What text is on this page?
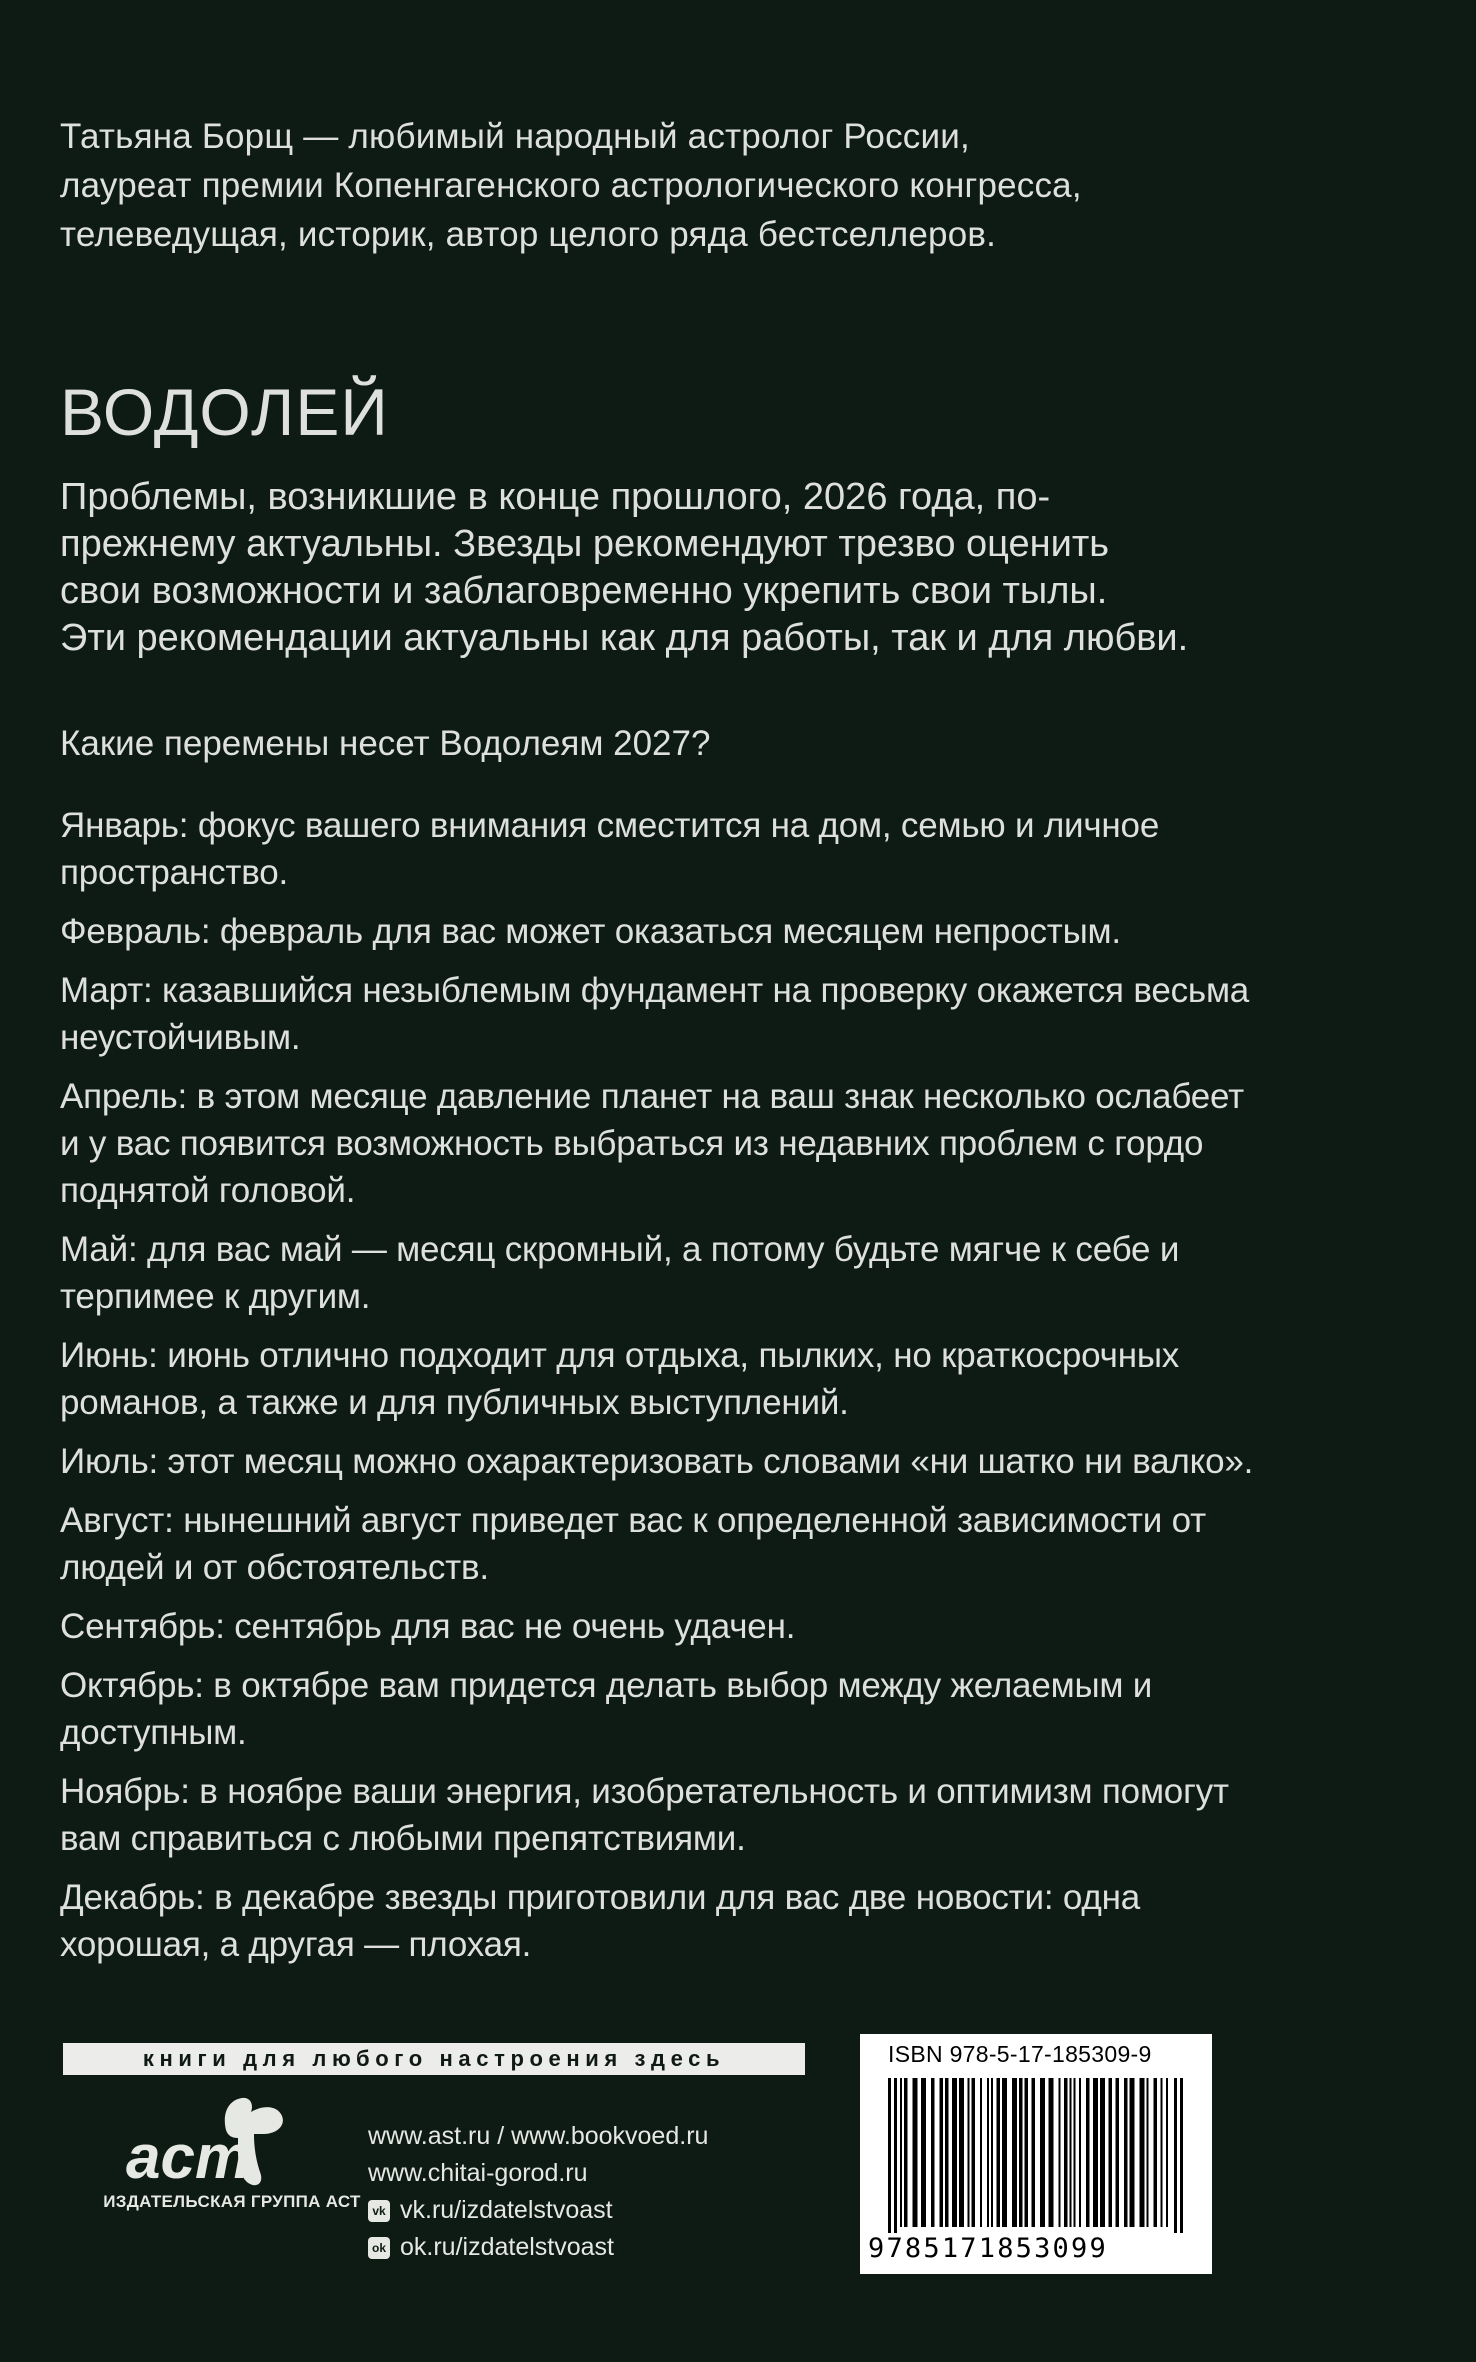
Татьяна Борщ — любимый народный астролог России,

лауреат премии Копенгагенского астрологического конгресса,

телеведущая, историк, автор целого ряда бестселлеров.

ВОДОЛЕЙ

Проблемы, возникшие в конце прошлого, 2026 года, по-

прежнему актуальны. Звезды рекомендуют трезво оценить

свои возможности и заблаговременно укрепить свои тылы.

Эти рекомендации актуальны как для работы, так и для любви.

Какие перемены несет Водолеям 2027?

Январь: фокус вашего внимания сместится на дом, семью и личное

пространство.

Февраль: февраль для вас может оказаться месяцем непростым.

Март: казавшийся незыблемым фундамент на проверку окажется весьма

неустойчивым.

Апрель: в этом месяце давление планет на ваш знак несколько ослабеет

и у вас появится возможность выбраться из недавних проблем с гордо

поднятой головой.

Май: для вас май — месяц скромный, а потому будьте мягче к себе и

терпимее к другим.

Июнь: июнь отлично подходит для отдыха, пылких, но краткосрочных

романов, а также и для публичных выступлений.

Июль: этот месяц можно охарактеризовать словами «ни шатко ни валко».

Август: нынешний август приведет вас к определенной зависимости от

людей и от обстоятельств.

Сентябрь: сентябрь для вас не очень удачен.

Октябрь: в октябре вам придется делать выбор между желаемым и

доступным.

Ноябрь: в ноябре ваши энергия, изобретательность и оптимизм помогут

вам справиться с любыми препятствиями.

Декабрь: в декабре звезды приготовили для вас две новости: одна

хорошая, а другая — плохая.

книги для любого настроения здесь
аст
ИЗДАТЕЛЬСКАЯ ГРУППА АСТ
www.ast.ru / www.bookvoed.ru
www.chitai-gorod.ru
vk vk.ru/izdatelstvoast
ok ok.ru/izdatelstvoast
ISBN 978-5-17-185309-9
9785171853099
